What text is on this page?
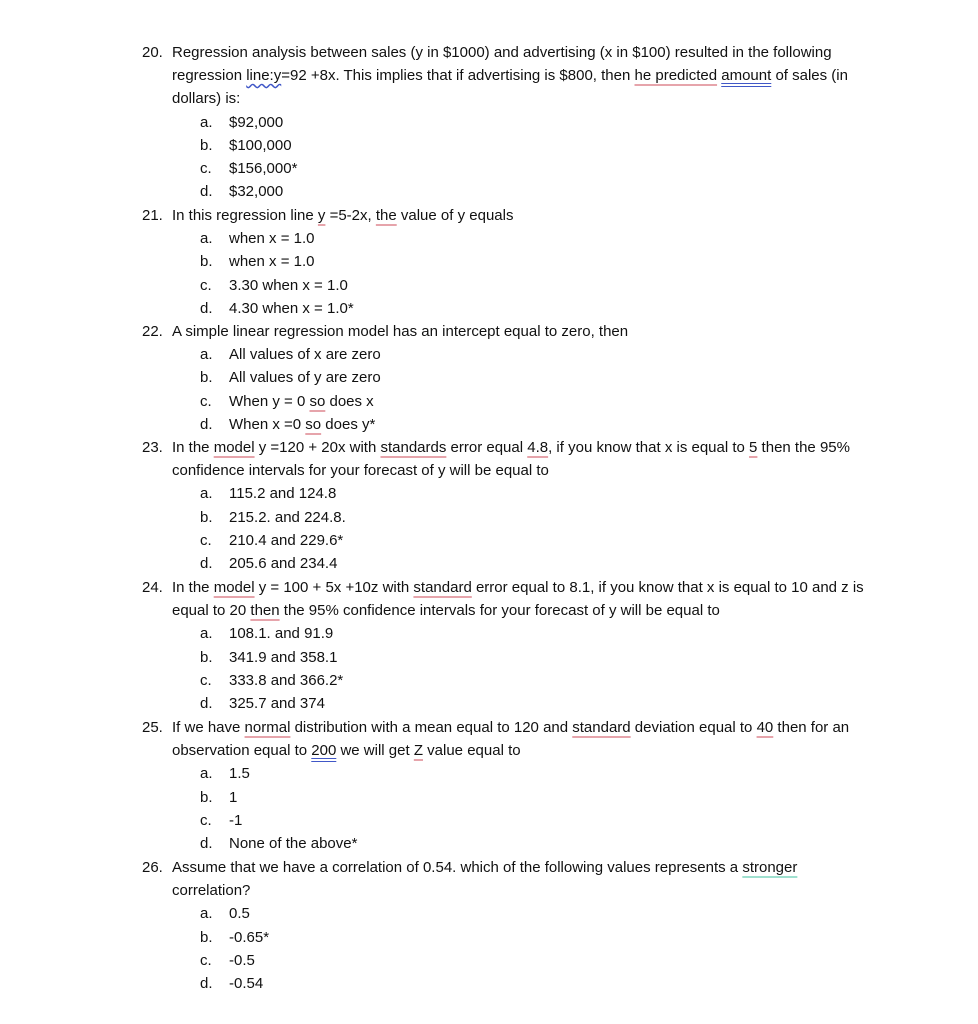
20. Regression analysis between sales (y in $1000) and advertising (x in $100) resulted in the following regression line:y=92 +8x. This implies that if advertising is $800, then he predicted amount of sales (in dollars) is:
a. $92,000
b. $100,000
c. $156,000*
d. $32,000
21. In this regression line y =5-2x, the value of y equals
a. when x = 1.0
b. when x = 1.0
c. 3.30 when x = 1.0
d. 4.30 when x = 1.0*
22. A simple linear regression model has an intercept equal to zero, then
a. All values of x are zero
b. All values of y are zero
c. When y = 0 so does x
d. When x =0 so does y*
23. In the model y =120 + 20x with standards error equal 4.8, if you know that x is equal to 5 then the 95% confidence intervals for your forecast of y will be equal to
a. 115.2 and 124.8
b. 215.2. and 224.8.
c. 210.4 and 229.6*
d. 205.6 and 234.4
24. In the model y = 100 + 5x +10z with standard error equal to 8.1, if you know that x is equal to 10 and z is equal to 20 then the 95% confidence intervals for your forecast of y will be equal to
a. 108.1. and 91.9
b. 341.9 and 358.1
c. 333.8 and 366.2*
d. 325.7 and 374
25. If we have normal distribution with a mean equal to 120 and standard deviation equal to 40 then for an observation equal to 200 we will get Z value equal to
a. 1.5
b. 1
c. -1
d. None of the above*
26. Assume that we have a correlation of 0.54. which of the following values represents a stronger correlation?
a. 0.5
b. -0.65*
c. -0.5
d. -0.54
